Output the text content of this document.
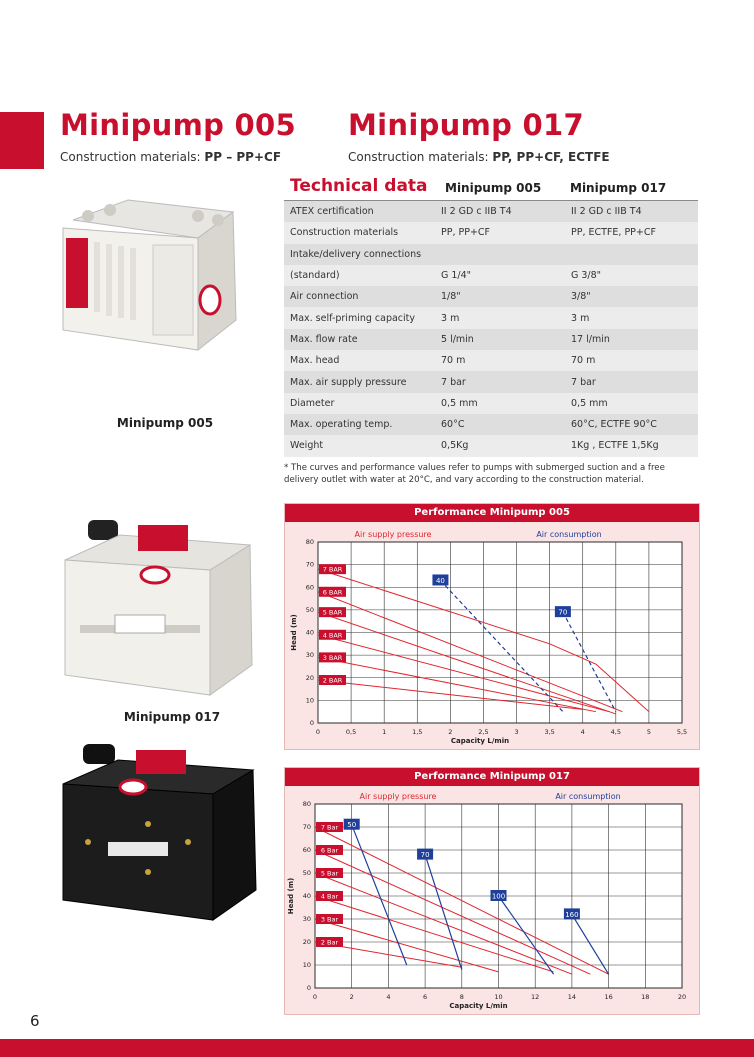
6
Minipump 005
Construction materials: PP – PP+CF
Minipump 017
Construction materials: PP, PP+CF, ECTFE
Technical data Minipump 005 Minipump 017
ATEX certification	II 2 GD c IIB T4	II 2 GD c IIB T4
Construction materials	PP, PP+CF	PP, ECTFE, PP+CF
Intake/delivery connections		
(standard)	G 1/4"	G 3/8"
Air connection	1/8"	3/8"
Max. self-priming capacity	3 m	3 m
Max. flow rate	5 l/min	17 l/min
Max. head	70 m	70 m
Max. air supply pressure	7 bar	7 bar
Diameter	0,5 mm	0,5 mm
Max. operating temp.	60°C	60°C, ECTFE 90°C
Weight	0,5Kg	1Kg , ECTFE 1,5Kg
* The curves and performance values refer to pumps with submerged suction and a free delivery outlet with water at 20°C, and vary according to the construction material.
Minipump 005
Minipump 017
Performance Minipump 005
0	0,5	1	1,5	2	2,5	3	3,5	4	4,5	5	5,5
0
10
20
30
40
50
60
70
80
Capacity L/min
Head (m)
Air supply pressure	Air consumption
7 BAR
6 BAR
5 BAR
4 BAR
3 BAR
2 BAR
40
70
Performance Minipump 017
0	2	4	6	8	10	12	14	16	18	20
0
10
20
30
40
50
60
70
80
Capacity L/min
Head (m)
Air supply pressure	Air consumption
7 Bar
6 Bar
5 Bar
4 Bar
3 Bar
2 Bar
50
70
100
160
